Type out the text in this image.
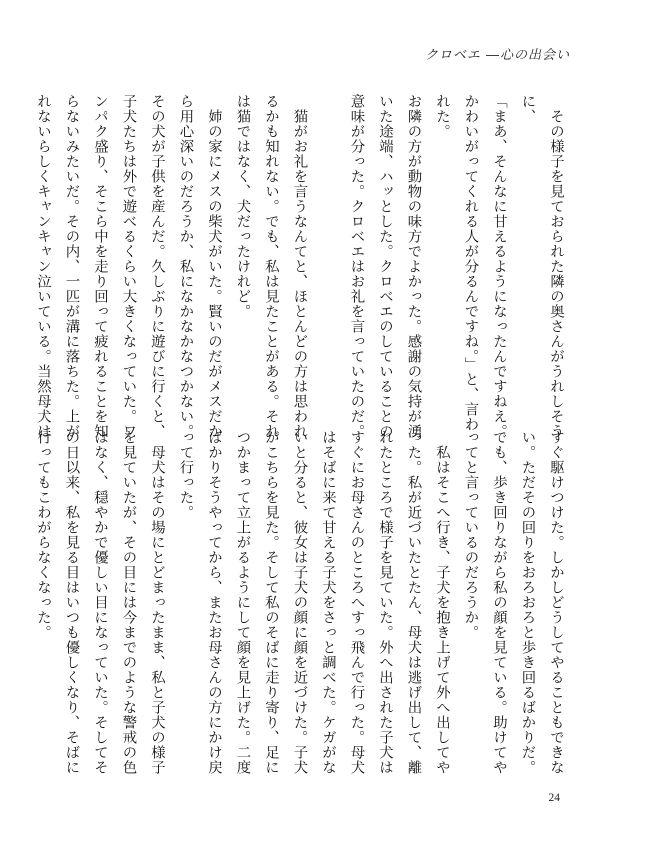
クロベエ ―心の出会い
　その様子を見ておられた隣の奥さんがうれしそう
に、
「まあ、そんなに甘えるようになったんですねえ。
かわいがってくれる人が分るんですね。」と、言わ
れた。
お隣の方が動物の味方でよかった。感謝の気持が湧
いた途端、ハッとした。クロベエのしていることの
意味が分った。クロベエはお礼を言っていたのだ。
　猫がお礼を言うなんてと、ほとんどの方は思われ
るかも知れない。でも、私は見たことがある。それ
は猫ではなく、犬だったけれど。
　姉の家にメスの柴犬がいた。賢いのだがメスだか
ら用心深いのだろうか、私になかなかなつかない。
その犬が子供を産んだ。久しぶりに遊びに行くと、
子犬たちは外で遊べるくらい大きくなっていた。ワ
ンパク盛り、そこら中を走り回って疲れることを知
らないみたいだ。その内、一匹が溝に落ちた。上が
れないらしくキャンキャン泣いている。当然母犬は
すぐ駆けつけた。しかしどうしてやることもできな
い。ただその回りをおろおろと歩き回るばかりだ。
でも、歩き回りながら私の顔を見ている。助けてや
ってと言っているのだろうか。
　私はそこへ行き、子犬を抱き上げて外へ出してや
った。私が近づいたとたん、母犬は逃げ出して、離
れたところで様子を見ていた。外へ出された子犬は
すぐにお母さんのところへすっ飛んで行った。母犬
はそばに来て甘える子犬をさっと調べた。ケガがな
いと分ると、彼女は子犬の顔に顔を近づけた。子犬
がこちらを見た。そして私のそばに走り寄り、足に
つかまって立上がるようにして顔を見上げた。二度
ばかりそうやってから、またお母さんの方にかけ戻
って行った。
　母犬はその場にとどまったまま、私と子犬の様子
を見ていたが、その目には今までのような警戒の色
はなく、穏やかで優しい目になっていた。そしてそ
の日以来、私を見る目はいつも優しくなり、そばに
行ってもこわがらなくなった。
24
